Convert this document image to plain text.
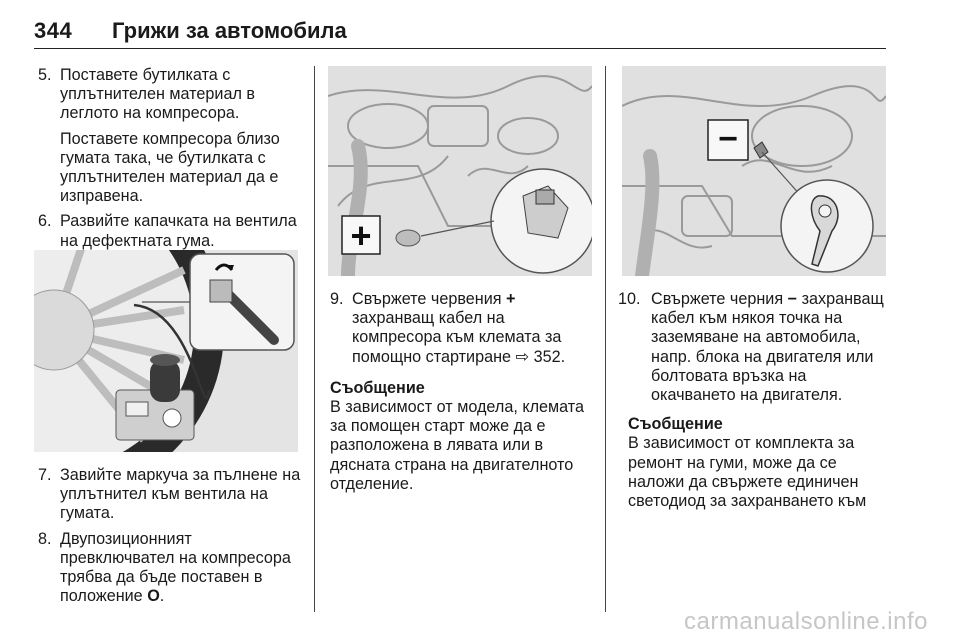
344 Грижи за автомобила

5. Поставете бутилката с уплътнителен материал в леглото на компресора.

Поставете компресора близо гумата така, че бутилката с уплътнителен материал да е изправена.

6. Развийте капачката на вентила на дефектната гума.

7. Завийте маркуча за пълнене на уплътнител към вентила на гумата.

8. Двупозиционният превключвател на компресора трябва да бъде поставен в положение O.

+

9. Свържете червения + захранващ кабел на компресора към клемата за помощно стартиране ⇨ 352.

Съобщение

В зависимост от модела, клемата за помощен старт може да е разположена в лявата или в дясната страна на двигателното отделение.

−

10. Свържете черния − захранващ кабел към някоя точка на заземяване на автомобила, напр. блока на двигателя или болтовата връзка на окачването на двигателя.

Съобщение

В зависимост от комплекта за ремонт на гуми, може да се наложи да свържете единичен светодиод за захранването към

carmanualsonline.info
